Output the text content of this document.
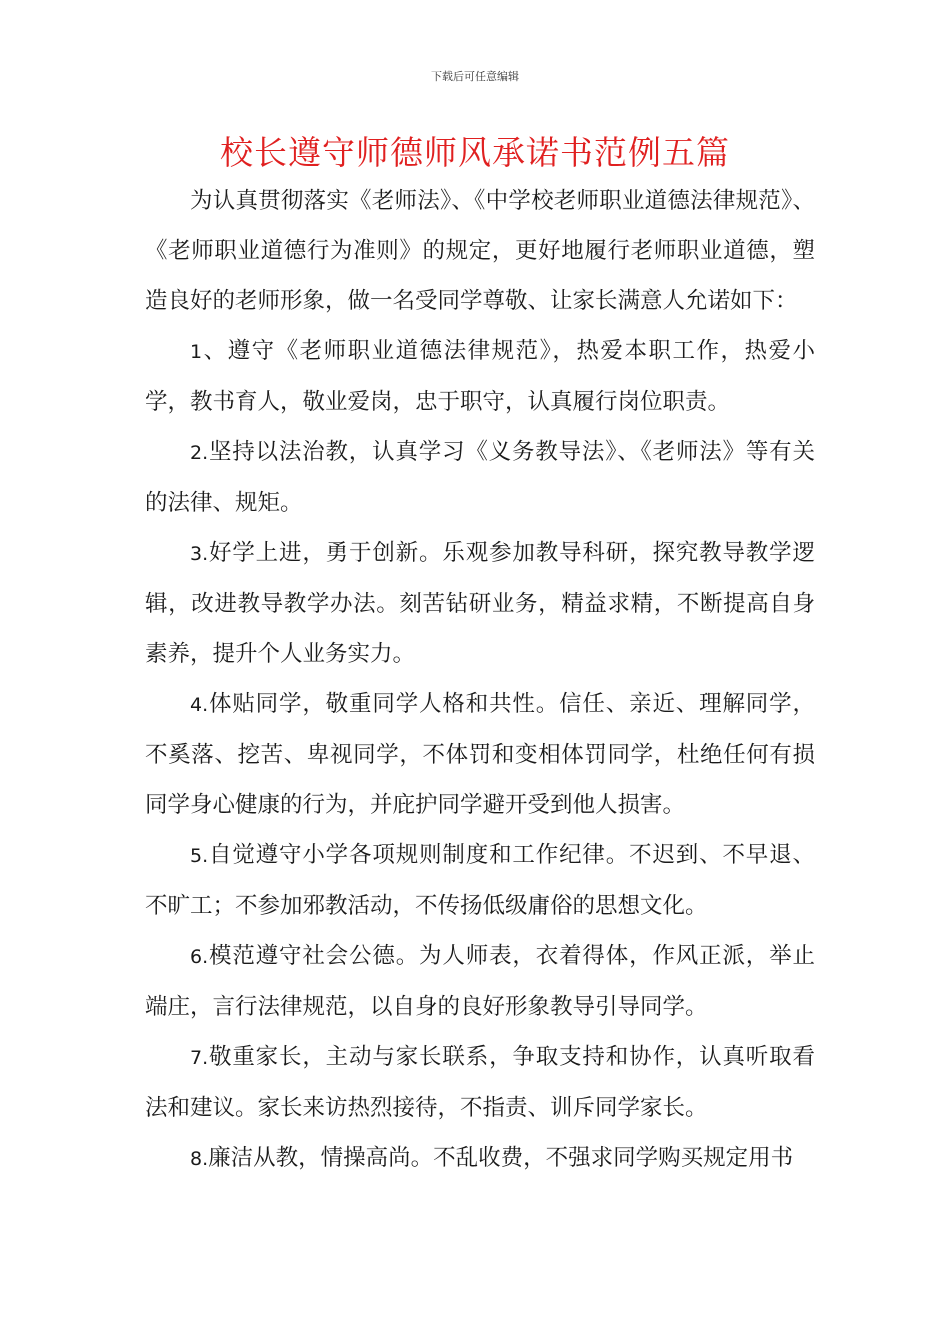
下载后可任意编辑
校长遵守师德师风承诺书范例五篇

为认真贯彻落实《老师法》、《中学校老师职业道德法律规范》、《老师职业道德行为准则》的规定，更好地履行老师职业道德，塑造良好的老师形象，做一名受同学尊敬、让家长满意人允诺如下：

1、遵守《老师职业道德法律规范》，热爱本职工作，热爱小学，教书育人，敬业爱岗，忠于职守，认真履行岗位职责。

2.坚持以法治教，认真学习《义务教导法》、《老师法》等有关的法律、规矩。

3.好学上进，勇于创新。乐观参加教导科研，探究教导教学逻辑，改进教导教学办法。刻苦钻研业务，精益求精，不断提高自身素养，提升个人业务实力。

4.体贴同学，敬重同学人格和共性。信任、亲近、理解同学，不奚落、挖苦、卑视同学，不体罚和变相体罚同学，杜绝任何有损同学身心健康的行为，并庇护同学避开受到他人损害。

5.自觉遵守小学各项规则制度和工作纪律。不迟到、不早退、不旷工；不参加邪教活动，不传扬低级庸俗的思想文化。

6.模范遵守社会公德。为人师表，衣着得体，作风正派，举止端庄，言行法律规范，以自身的良好形象教导引导同学。

7.敬重家长，主动与家长联系，争取支持和协作，认真听取看法和建议。家长来访热烈接待，不指责、训斥同学家长。

8.廉洁从教，情操高尚。不乱收费，不强求同学购买规定用书
